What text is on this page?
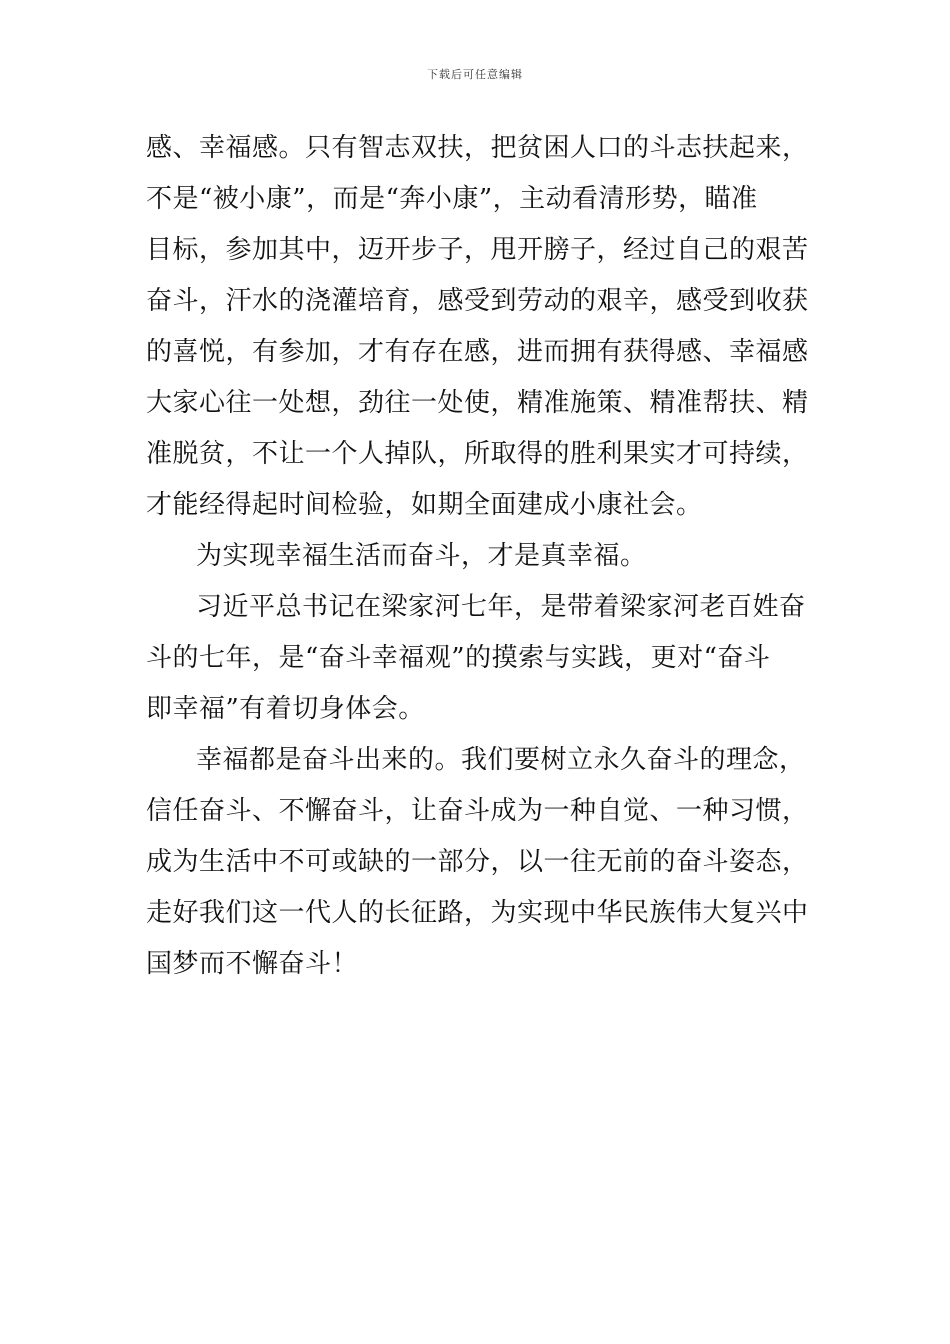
下载后可任意编辑
感、幸福感。只有智志双扶，把贫困人口的斗志扶起来，
不是“被小康”，而是“奔小康”，主动看清形势，瞄准
目标，参加其中，迈开步子，甩开膀子，经过自己的艰苦
奋斗，汗水的浇灌培育，感受到劳动的艰辛，感受到收获
的喜悦，有参加，才有存在感，进而拥有获得感、幸福感
大家心往一处想，劲往一处使，精准施策、精准帮扶、精
准脱贫，不让一个人掉队，所取得的胜利果实才可持续，
才能经得起时间检验，如期全面建成小康社会。
为实现幸福生活而奋斗，才是真幸福。
习近平总书记在梁家河七年，是带着梁家河老百姓奋
斗的七年，是“奋斗幸福观”的摸索与实践，更对“奋斗
即幸福”有着切身体会。
幸福都是奋斗出来的。我们要树立永久奋斗的理念，
信任奋斗、不懈奋斗，让奋斗成为一种自觉、一种习惯，
成为生活中不可或缺的一部分，以一往无前的奋斗姿态，
走好我们这一代人的长征路，为实现中华民族伟大复兴中
国梦而不懈奋斗！
